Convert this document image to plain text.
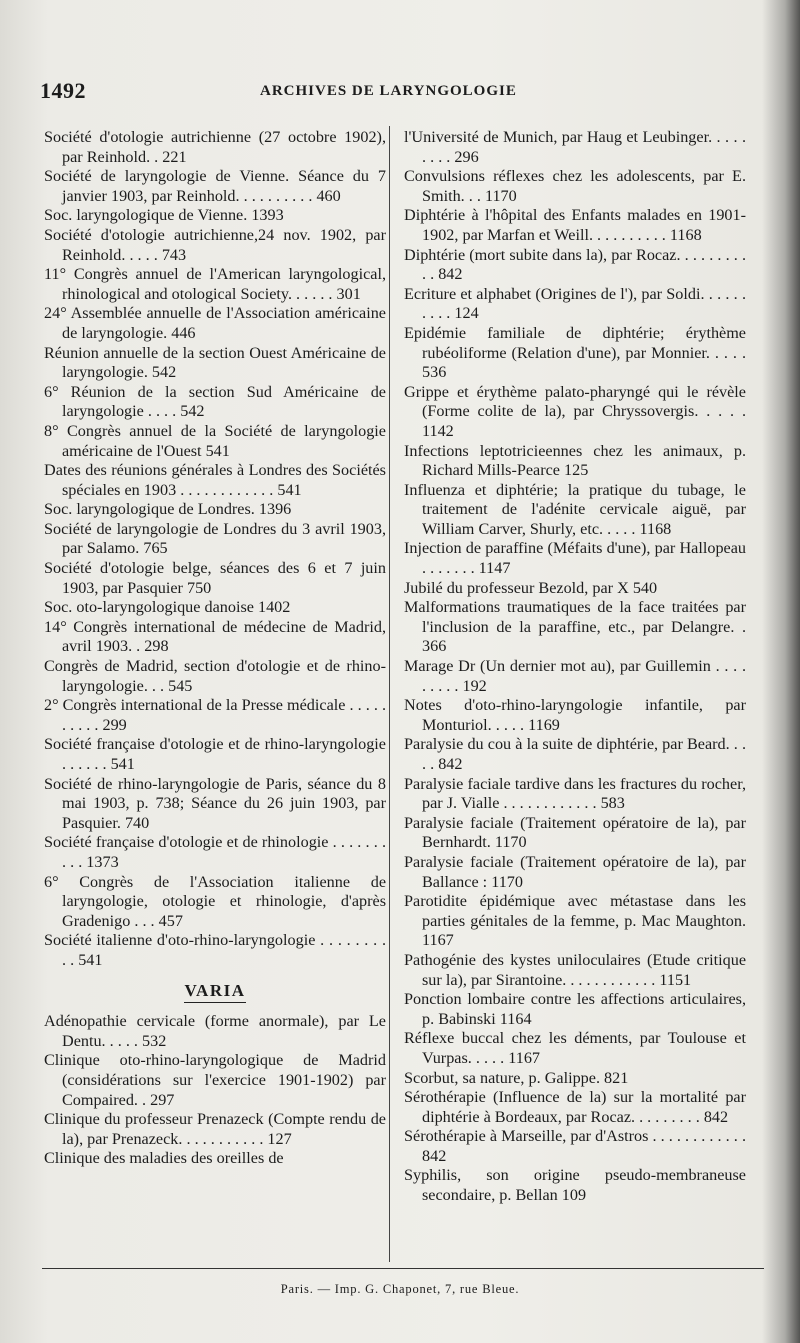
1492	ARCHIVES DE LARYNGOLOGIE
Société d'otologie autrichienne (27 octobre 1902), par Reinhold. . 221
Société de laryngologie de Vienne. Séance du 7 janvier 1903, par Reinhold. . . . . . . . . . 460
Soc. laryngologique de Vienne. 1393
Société d'otologie autrichienne,24 nov. 1902, par Reinhold. . . . . 743
11° Congrès annuel de l'American laryngological, rhinological and otological Society. . . . . . 301
24° Assemblée annuelle de l'Association américaine de laryngologie. 446
Réunion annuelle de la section Ouest Américaine de laryngologie. 542
6° Réunion de la section Sud Américaine de laryngologie . . . . 542
8° Congrès annuel de la Société de laryngologie américaine de l'Ouest 541
Dates des réunions générales à Londres des Sociétés spéciales en 1903 . . . . . . . . . . . . 541
Soc. laryngologique de Londres. 1396
Société de laryngologie de Londres du 3 avril 1903, par Salamo. 765
Société d'otologie belge, séances des 6 et 7 juin 1903, par Pasquier 750
Soc. oto-laryngologique danoise 1402
14° Congrès international de médecine de Madrid, avril 1903. . 298
Congrès de Madrid, section d'otologie et de rhino-laryngologie. . . 545
2° Congrès international de la Presse médicale . . . . . . . . . . 299
Société française d'otologie et de rhino-laryngologie . . . . . . 541
Société de rhino-laryngologie de Paris, séance du 8 mai 1903, p. 738; Séance du 26 juin 1903, par Pasquier. 740
Société française d'otologie et de rhinologie . . . . . . . . . . 1373
6° Congrès de l'Association italienne de laryngologie, otologie et rhinologie, d'après Gradenigo . . . 457
Société italienne d'oto-rhino-laryngologie . . . . . . . . . . 541
VARIA
Adénopathie cervicale (forme anormale), par Le Dentu. . . . . 532
Clinique oto-rhino-laryngologique de Madrid (considérations sur l'exercice 1901-1902) par Compaired. . 297
Clinique du professeur Prenazeck (Compte rendu de la), par Prenazeck. . . . . . . . . . . 127
Clinique des maladies des oreilles de
l'Université de Munich, par Haug et Leubinger. . . . . . . . . 296
Convulsions réflexes chez les adolescents, par E. Smith. . . 1170
Diphtérie à l'hôpital des Enfants malades en 1901-1902, par Marfan et Weill. . . . . . . . . . 1168
Diphtérie (mort subite dans la), par Rocaz. . . . . . . . . . . 842
Ecriture et alphabet (Origines de l'), par Soldi. . . . . . . . . . 124
Epidémie familiale de diphtérie; érythème rubéoliforme (Relation d'une), par Monnier. . . . . 536
Grippe et érythème palato-pharyngé qui le révèle (Forme colite de la), par Chryssovergis. . . . . 1142
Infections leptotricieennes chez les animaux, p. Richard Mills-Pearce 125
Influenza et diphtérie; la pratique du tubage, le traitement de l'adénite cervicale aiguë, par William Carver, Shurly, etc. . . . . 1168
Injection de paraffine (Méfaits d'une), par Hallopeau . . . . . . . 1147
Jubilé du professeur Bezold, par X 540
Malformations traumatiques de la face traitées par l'inclusion de la paraffine, etc., par Delangre. . 366
Marage Dr (Un dernier mot au), par Guillemin . . . . . . . . . 192
Notes d'oto-rhino-laryngologie infantile, par Monturiol. . . . . 1169
Paralysie du cou à la suite de diphtérie, par Beard. . . . . 842
Paralysie faciale tardive dans les fractures du rocher, par J. Vialle . . . . . . . . . . . . 583
Paralysie faciale (Traitement opératoire de la), par Bernhardt. 1170
Paralysie faciale (Traitement opératoire de la), par Ballance : 1170
Parotidite épidémique avec métastase dans les parties génitales de la femme, p. Mac Maughton. 1167
Pathogénie des kystes uniloculaires (Etude critique sur la), par Sirantoine. . . . . . . . . . . . 1151
Ponction lombaire contre les affections articulaires, p. Babinski 1164
Réflexe buccal chez les déments, par Toulouse et Vurpas. . . . . 1167
Scorbut, sa nature, p. Galippe. 821
Sérothérapie (Influence de la) sur la mortalité par diphtérie à Bordeaux, par Rocaz. . . . . . . . . 842
Sérothérapie à Marseille, par d'Astros . . . . . . . . . . . . 842
Syphilis, son origine pseudo-membraneuse secondaire, p. Bellan 109
Paris. — Imp. G. Chaponet, 7, rue Bleue.
